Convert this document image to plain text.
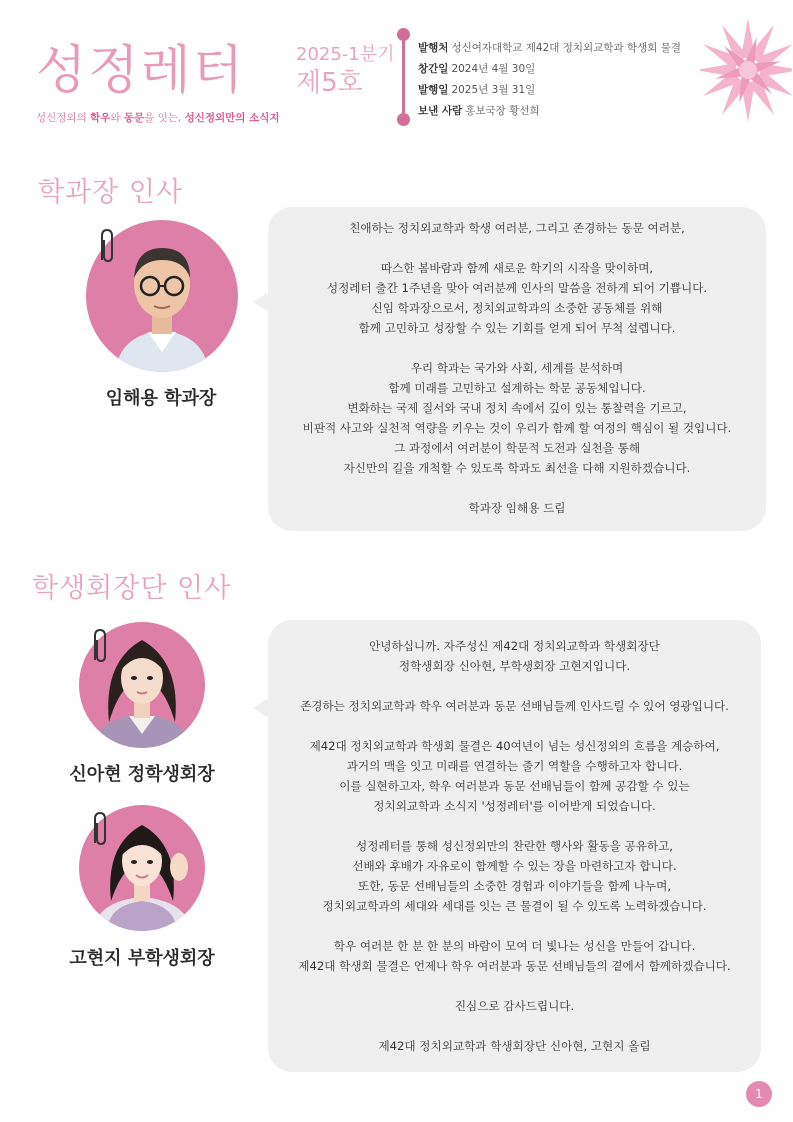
성정레터	2025-1분기
제5호
성신정외의 학우와 동문을 잇는, 성신정외만의 소식지
발행처 성신여자대학교 제42대 정치외교학과 학생회 물결
창간일 2024년 4월 30일
발행일 2025년 3월 31일
보낸 사람 홍보국장 황선희
학과장 인사
임해용 학과장

친애하는 정치외교학과 학생 여러분, 그리고 존경하는 동문 여러분,

따스한 봄바람과 함께 새로운 학기의 시작을 맞이하며,

성정레터 출간 1주년을 맞아 여러분께 인사의 말씀을 전하게 되어 기쁩니다.

신임 학과장으로서, 정치외교학과의 소중한 공동체를 위해

함께 고민하고 성장할 수 있는 기회를 얻게 되어 무척 설렙니다.

우리 학과는 국가와 사회, 세계를 분석하며

함께 미래를 고민하고 설계하는 학문 공동체입니다.

변화하는 국제 질서와 국내 정치 속에서 깊이 있는 통찰력을 기르고,

비판적 사고와 실천적 역량을 키우는 것이 우리가 함께 할 여정의 핵심이 될 것입니다.

그 과정에서 여러분이 학문적 도전과 실천을 통해

자신만의 길을 개척할 수 있도록 학과도 최선을 다해 지원하겠습니다.

학과장 임해용 드림

학생회장단 인사
신아현 정학생회장
고현지 부학생회장

안녕하십니까. 자주성신 제42대 정치외교학과 학생회장단

정학생회장 신아현, 부학생회장 고현지입니다.

존경하는 정치외교학과 학우 여러분과 동문 선배님들께 인사드릴 수 있어 영광입니다.

제42대 정치외교학과 학생회 물결은 40여년이 넘는 성신정외의 흐름을 계승하여,

과거의 맥을 잇고 미래를 연결하는 줄기 역할을 수행하고자 합니다.

이를 실현하고자, 학우 여러분과 동문 선배님들이 함께 공감할 수 있는

정치외교학과 소식지 '성정레터'를 이어받게 되었습니다.

성정레터를 통해 성신정외만의 찬란한 행사와 활동을 공유하고,

선배와 후배가 자유로이 함께할 수 있는 장을 마련하고자 합니다.

또한, 동문 선배님들의 소중한 경험과 이야기들을 함께 나누며,

정치외교학과의 세대와 세대를 잇는 큰 물결이 될 수 있도록 노력하겠습니다.

학우 여러분 한 분 한 분의 바람이 모여 더 빛나는 성신을 만들어 갑니다.

제42대 학생회 물결은 언제나 학우 여러분과 동문 선배님들의 곁에서 함께하겠습니다.

진심으로 감사드립니다.

제42대 정치외교학과 학생회장단 신아현, 고현지 올림

1
